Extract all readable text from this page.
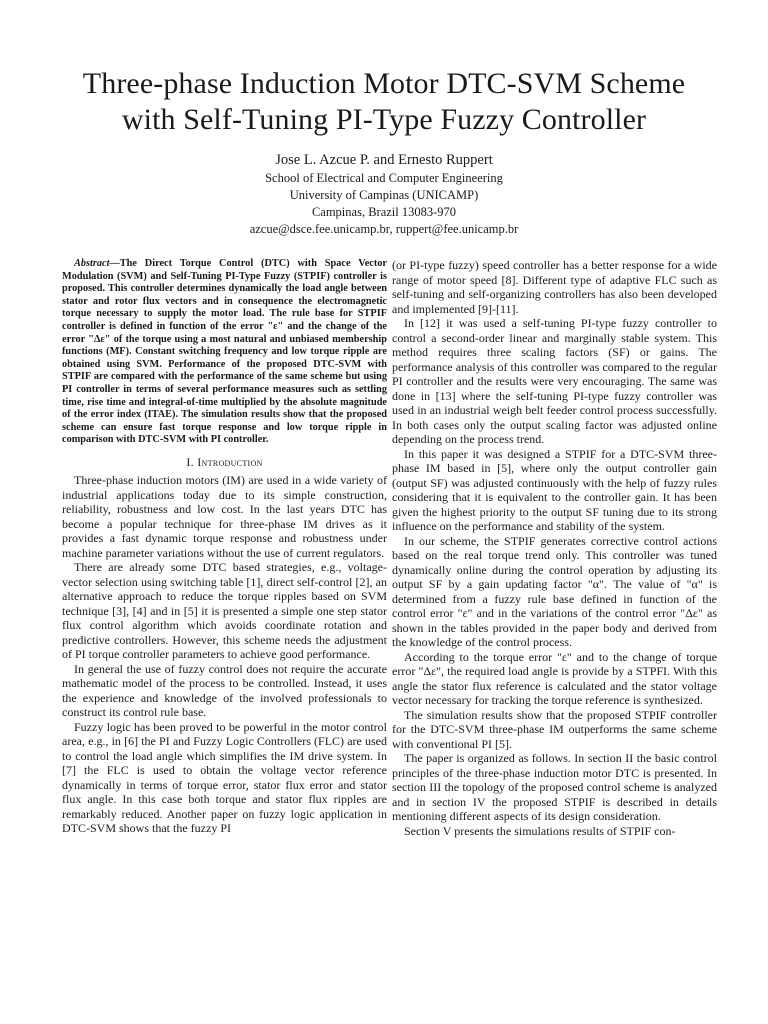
Three-phase Induction Motor DTC-SVM Scheme
with Self-Tuning PI-Type Fuzzy Controller
Jose L. Azcue P. and Ernesto Ruppert
School of Electrical and Computer Engineering
University of Campinas (UNICAMP)
Campinas, Brazil 13083-970
azcue@dsce.fee.unicamp.br, ruppert@fee.unicamp.br
Abstract—The Direct Torque Control (DTC) with Space Vector Modulation (SVM) and Self-Tuning PI-Type Fuzzy (STPIF) controller is proposed. This controller determines dynamically the load angle between stator and rotor flux vectors and in consequence the electromagnetic torque necessary to supply the motor load. The rule base for STPIF controller is defined in function of the error "ε" and the change of the error "Δε" of the torque using a most natural and unbiased membership functions (MF). Constant switching frequency and low torque ripple are obtained using SVM. Performance of the proposed DTC-SVM with STPIF are compared with the performance of the same scheme but using PI controller in terms of several performance measures such as settling time, rise time and integral-of-time multiplied by the absolute magnitude of the error index (ITAE). The simulation results show that the proposed scheme can ensure fast torque response and low torque ripple in comparison with DTC-SVM with PI controller.
I. Introduction

Three-phase induction motors (IM) are used in a wide variety of industrial applications today due to its simple construction, reliability, robustness and low cost. In the last years DTC has become a popular technique for three-phase IM drives as it provides a fast dynamic torque response and robustness under machine parameter variations without the use of current regulators.

There are already some DTC based strategies, e.g., voltage-vector selection using switching table [1], direct self-control [2], an alternative approach to reduce the torque ripples based on SVM technique [3], [4] and in [5] it is presented a simple one step stator flux control algorithm which avoids coordinate rotation and predictive controllers. However, this scheme needs the adjustment of PI torque controller parameters to achieve good performance.

In general the use of fuzzy control does not require the accurate mathematic model of the process to be controlled. Instead, it uses the experience and knowledge of the involved professionals to construct its control rule base.

Fuzzy logic has been proved to be powerful in the motor control area, e.g., in [6] the PI and Fuzzy Logic Controllers (FLC) are used to control the load angle which simplifies the IM drive system. In [7] the FLC is used to obtain the voltage vector reference dynamically in terms of torque error, stator flux error and stator flux angle. In this case both torque and stator flux ripples are remarkably reduced. Another paper on fuzzy logic application in DTC-SVM shows that the fuzzy PI

(or PI-type fuzzy) speed controller has a better response for a wide range of motor speed [8]. Different type of adaptive FLC such as self-tuning and self-organizing controllers has also been developed and implemented [9]-[11].

In [12] it was used a self-tuning PI-type fuzzy controller to control a second-order linear and marginally stable system. This method requires three scaling factors (SF) or gains. The performance analysis of this controller was compared to the regular PI controller and the results were very encouraging. The same was done in [13] where the self-tuning PI-type fuzzy controller was used in an industrial weigh belt feeder control process successfully. In both cases only the output scaling factor was adjusted online depending on the process trend.

In this paper it was designed a STPIF for a DTC-SVM three-phase IM based in [5], where only the output controller gain (output SF) was adjusted continuously with the help of fuzzy rules considering that it is equivalent to the controller gain. It has been given the highest priority to the output SF tuning due to its strong influence on the performance and stability of the system.

In our scheme, the STPIF generates corrective control actions based on the real torque trend only. This controller was tuned dynamically online during the control operation by adjusting its output SF by a gain updating factor "α". The value of "α" is determined from a fuzzy rule base defined in function of the control error "ε" and in the variations of the control error "Δε" as shown in the tables provided in the paper body and derived from the knowledge of the control process.

According to the torque error "ε" and to the change of torque error "Δε", the required load angle is provide by a STPFI. With this angle the stator flux reference is calculated and the stator voltage vector necessary for tracking the torque reference is synthesized.

The simulation results show that the proposed STPIF controller for the DTC-SVM three-phase IM outperforms the same scheme with conventional PI [5].

The paper is organized as follows. In section II the basic control principles of the three-phase induction motor DTC is presented. In section III the topology of the proposed control scheme is analyzed and in section IV the proposed STPIF is described in details mentioning different aspects of its design consideration.

Section V presents the simulations results of STPIF con-
